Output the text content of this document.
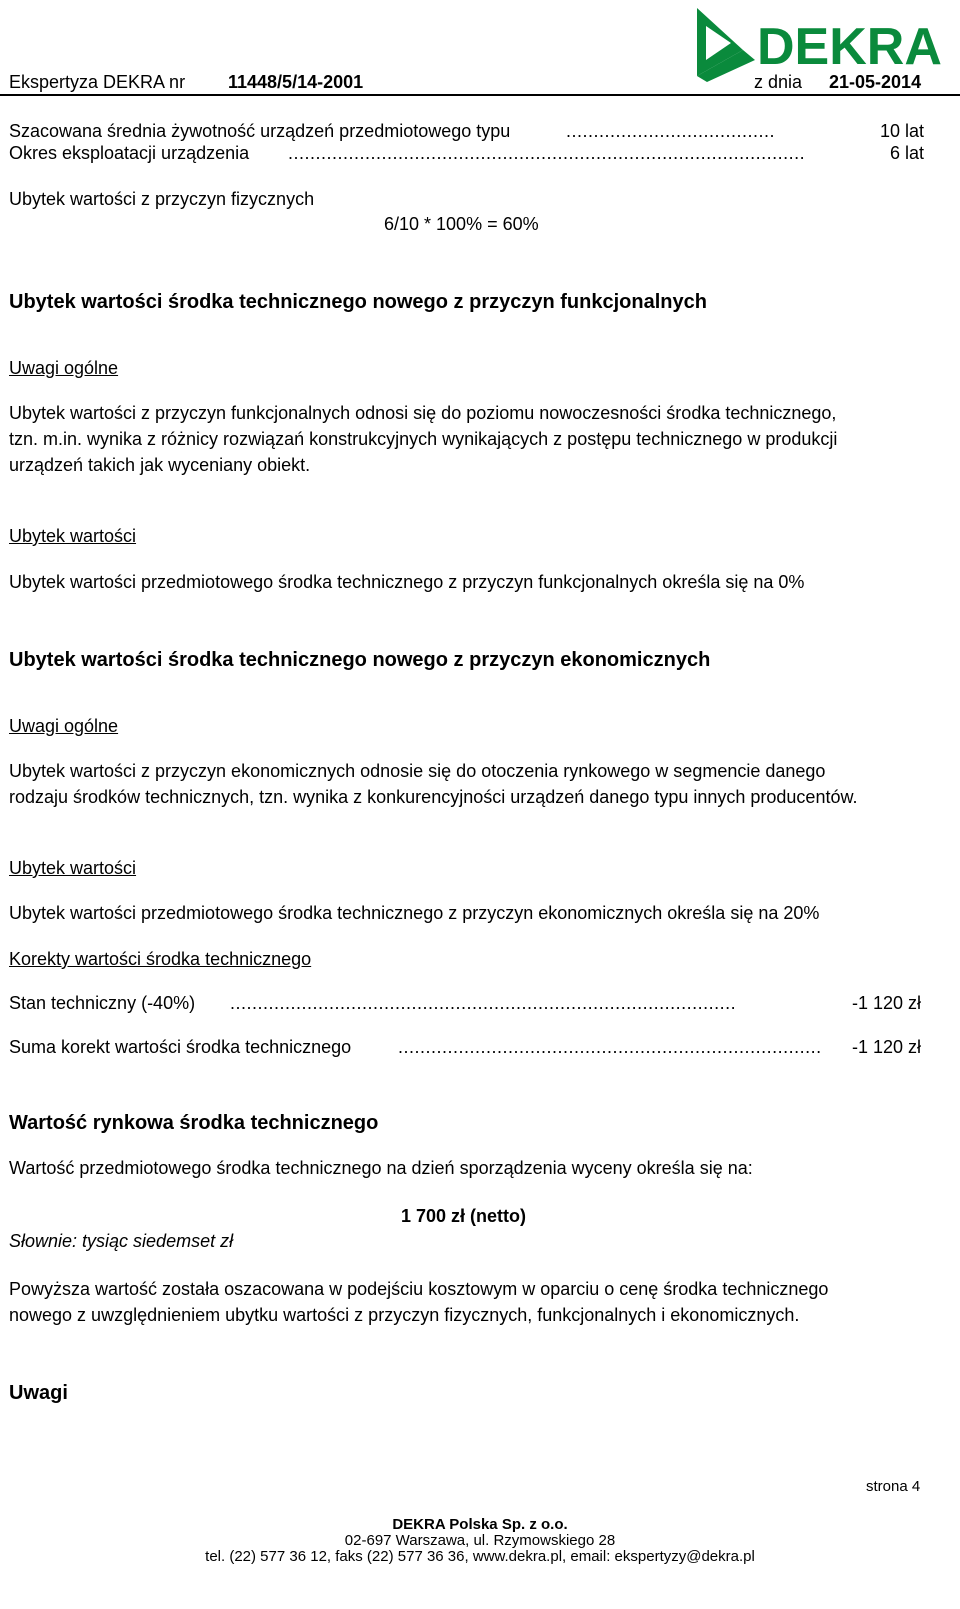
DEKRA
Ekspertyza DEKRA nr 11448/5/14-2001	z dnia 21-05-2014
Szacowana średnia żywotność urządzeń przedmiotowego typu	......................................	10 lat
Okres eksploatacji urządzenia ..............................................................................................	6 lat
Ubytek wartości z przyczyn fizycznych
6/10 * 100% = 60%
Ubytek wartości środka technicznego nowego z przyczyn funkcjonalnych
Uwagi ogólne
Ubytek wartości z przyczyn funkcjonalnych odnosi się do poziomu nowoczesności środka technicznego,
tzn. m.in. wynika z różnicy rozwiązań konstrukcyjnych wynikających z postępu technicznego w produkcji
urządzeń takich jak wyceniany obiekt.
Ubytek wartości
Ubytek wartości przedmiotowego środka technicznego z przyczyn funkcjonalnych określa się na 0%
Ubytek wartości środka technicznego nowego z przyczyn ekonomicznych
Uwagi ogólne
Ubytek wartości z przyczyn ekonomicznych odnosie się do otoczenia rynkowego w segmencie danego
rodzaju środków technicznych, tzn. wynika z konkurencyjności urządzeń danego typu innych producentów.
Ubytek wartości
Ubytek wartości przedmiotowego środka technicznego z przyczyn ekonomicznych określa się na 20%
Korekty wartości środka technicznego
Stan techniczny (-40%) ............................................................................................	-1 120 zł
Suma korekt wartości środka technicznego	.............................................................................	-1 120 zł
Wartość rynkowa środka technicznego
Wartość przedmiotowego środka technicznego na dzień sporządzenia wyceny określa się na:
1 700 zł (netto)
Słownie: tysiąc siedemset zł
Powyższa wartość została oszacowana w podejściu kosztowym w oparciu o cenę środka technicznego
nowego z uwzględnieniem ubytku wartości z przyczyn fizycznych, funkcjonalnych i ekonomicznych.
Uwagi
strona 4
DEKRA Polska Sp. z o.o.
02-697 Warszawa, ul. Rzymowskiego 28
tel. (22) 577 36 12, faks (22) 577 36 36, www.dekra.pl, email: ekspertyzy@dekra.pl
